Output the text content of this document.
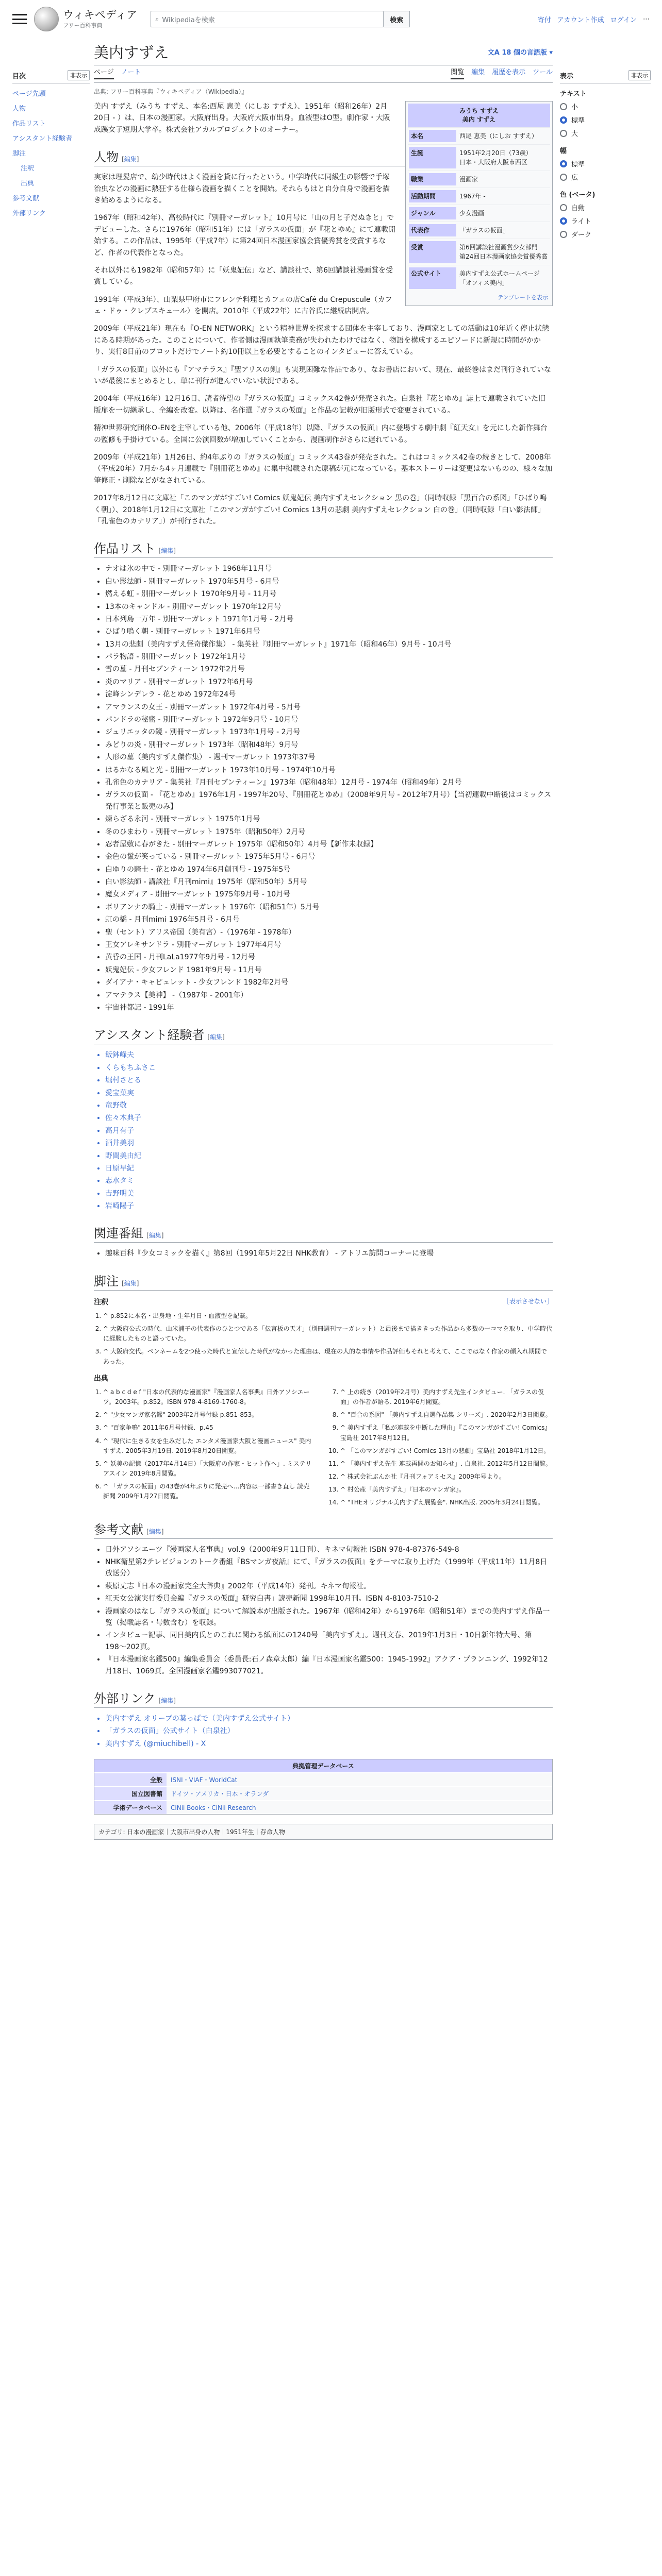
ウィキペディア
フリー百科事典
⌕ Wikipediaを検索	検索	寄付 アカウント作成 ログイン ⋯
目次	非表示
ページ先頭
人物
作品リスト
アシスタント経験者
脚注
注釈
出典
参考文献
外部リンク
表示	非表示
テキスト
小
標準
大
幅
標準
広
色 (ベータ)
自動
ライト
ダーク
美内すずえ	文A 18 個の言語版 ▾
ページ ノート	閲覧 編集 履歴を表示 ツール
出典: フリー百科事典『ウィキペディア（Wikipedia）』
みうち すずえ
美内 すずえ
本名	西尾 恵美（にしお すずえ）
生誕	1951年2月20日（73歳）
日本・大阪府大阪市西区
職業	漫画家
活動期間	1967年 -
ジャンル	少女漫画
代表作	『ガラスの仮面』
受賞	第6回講談社漫画賞少女部門
第24回日本漫画家協会賞優秀賞
公式サイト	美内すずえ公式ホームページ「オフィス美内」
テンプレートを表示

美内 すずえ（みうち すずえ、本名:西尾 恵美（にしお すずえ）、1951年（昭和26年）2月20日 - ）は、日本の漫画家。大阪府出身。大阪府大阪市出身。血液型はO型。劇作家・大阪成蹊女子短期大学卒。株式会社アカルプロジェクトのオーナー。

人物 [編集]

実家は理髪店で、幼少時代はよく漫画を貸に行ったという。中学時代に同級生の影響で手塚治虫などの漫画に熱狂する仕様ら漫画を描くことを開始。それらもはと自分自身で漫画を描き始めるようになる。

1967年（昭和42年）、高校時代に『別冊マーガレット』10月号に「山の月と子だぬきと」でデビューした。さらに1976年（昭和51年）には「ガラスの仮面」が『花とゆめ』にて連載開始する。この作品は、1995年（平成7年）に第24回日本漫画家協会賞優秀賞を受賞するなど、作者の代表作となった。

それ以外にも1982年（昭和57年）に「妖鬼妃伝」など、講談社で、第6回講談社漫画賞を受賞している。

1991年（平成3年）、山梨県甲府市にフレンチ料理とカフェの店Café du Crepuscule（カフェ・ドゥ・クレプスキュール）を開店。2010年（平成22年）に古谷氏に継続店開店。

2009年（平成21年）現在も『O-EN NETWORK』という精神世界を探求する団体を主宰しており、漫画家としての活動は10年近く停止状態にある時期があった。このことについて、作者側は漫画執筆業務が失われたわけではなく、物語を構成するエピソードに新規に時間がかかり、実行8日前のプロットだけでノート約10冊以上を必要とすることのインタビューに答えている。

「ガラスの仮面」以外にも『アマテラス』『聖アリスの剣』も実現困難な作品であり、なお書店において、現在、最終巻はまだ刊行されていないが最後にまとめるとし、単に刊行が進んでいない状況である。

2004年（平成16年）12月16日、読者待望の『ガラスの仮面』コミックス42巻が発売された。白泉社『花とゆめ』誌上で連載されていた旧版扉を一切継承し、全編を改変。以降は、名作選『ガラスの仮面』と作品の記載が旧版形式で変更されている。

精神世界研究団体O-ENを主宰している他、2006年（平成18年）以降、『ガラスの仮面』内に登場する劇中劇『紅天女』を元にした新作舞台の監修も手掛けている。全国に公演回数が増加していくことから、漫画制作がさらに遅れている。

2009年（平成21年）1月26日、約4年ぶりの『ガラスの仮面』コミックス43巻が発売された。これはコミックス42巻の続きとして、2008年（平成20年）7月から4ヶ月連載で『別冊花とゆめ』に集中掲載された原稿が元になっている。基本ストーリーは変更はないものの、様々な加筆修正・削除などがなされている。

2017年8月12日に文庫社「このマンガがすごい! Comics 妖鬼妃伝 美内すずえセレクション 黒の巻」（同時収録「黒百合の系図」「ひばり鳴く朝」）、2018年1月12日に文庫社「このマンガがすごい! Comics 13月の悲劇 美内すずえセレクション 白の巻」（同時収録「白い影法師」「孔雀色のカナリア」）が刊行された。

作品リスト [編集]
• ナオは氷の中で - 別冊マーガレット 1968年11月号
• 白い影法師 - 別冊マーガレット 1970年5月号 - 6月号
• 燃える虹 - 別冊マーガレット 1970年9月号 - 11月号
• 13本のキャンドル - 別冊マーガレット 1970年12月号
• 日本列島一万年 - 別冊マーガレット 1971年1月号 - 2月号
• ひばり鳴く朝 - 別冊マーガレット 1971年6月号
• 13月の悲劇（美内すずえ怪奇傑作集） - 集英社『別冊マーガレット』1971年（昭和46年）9月号 - 10月号
• パラ物語 - 別冊マーガレット 1972年1月号
• 雪の墓 - 月刊セブンティーン 1972年2月号
• 炎のマリア - 別冊マーガレット 1972年6月号
• 淀峰シンデレラ - 花とゆめ 1972年24号
• アマランスの女王 - 別冊マーガレット 1972年4月号 - 5月号
• パンドラの秘密 - 別冊マーガレット 1972年9月号 - 10月号
• ジュリエッタの鏡 - 別冊マーガレット 1973年1月号 - 2月号
• みどりの炎 - 別冊マーガレット 1973年（昭和48年）9月号
• 人形の墓（美内すずえ傑作集） - 週刊マーガレット 1973年37号
• はるかなる風と光 - 別冊マーガレット 1973年10月号 - 1974年10月号
• 孔雀色のカナリア - 集英社『月刊セブンティーン』1973年（昭和48年）12月号 - 1974年（昭和49年）2月号
• ガラスの仮面 - 『花とゆめ』1976年1月 - 1997年20号、『別冊花とゆめ』（2008年9月号 - 2012年7月号）【当初連載中断後はコミックス発行事業と販売のみ】
• 煉らざる永河 - 別冊マーガレット 1975年1月号
• 冬のひまわり - 別冊マーガレット 1975年（昭和50年）2月号
• 忍者屋敷に春がきた - 別冊マーガレット 1975年（昭和50年）4月号【新作未収録】
• 金色の鬣が笑っている - 別冊マーガレット 1975年5月号 - 6月号
• 白ゆりの騎士 - 花とゆめ 1974年6月創刊号 - 1975年5号
• 白い影法師 - 講談社『月刊mimi』1975年（昭和50年）5月号
• 魔女メディア - 別冊マーガレット 1975年9月号 - 10月号
• ボリアンナの騎士 - 別冊マーガレット 1976年（昭和51年）5月号
• 虹の橋 - 月刊mimi 1976年5月号 - 6月号
• 聖（セント）アリス帝国（美有宮）-（1976年 - 1978年）
• 王女アレキサンドラ - 別冊マーガレット 1977年4月号
• 黄昏の王国 - 月刊LaLa1977年9月号 - 12月号
• 妖鬼妃伝 - 少女フレンド 1981年9月号 - 11月号
• ダイアナ・キャピュレット - 少女フレンド 1982年2月号
• アマテラス【美神】 -（1987年 - 2001年）
• 宇宙神都記 - 1991年
アシスタント経験者 [編集]
• 飯鉢峰夫
• くらもちふさこ
• 堀村さとる
• 愛宝菓実
• 竜野敬
• 佐々木典子
• 高月有子
• 酒井美羽
• 野間美由紀
• 日原早紀
• 志水タミ
• 吉野明美
• 岩崎陽子
関連番組 [編集]
• 趣味百科『少女コミックを描く』第8回（1991年5月22日 NHK教育） - アトリエ訪問コーナーに登場
脚注 [編集]
注釈	［表示させない］
1. ^ p.852に本名・出身地・生年月日・血液型を記載。
2. ^ 大阪府公式の時代、山米浦子の代表作のひとつである「伝言板の天才」（別冊週刊マーガレット）と最後まで描ききった作品から多数の一コマを取り、中学時代に経験したものと語っていた。
3. ^ 大阪府交代。ペンネームを2つ使った時代と宣伝した時代がなかった理由は、現在の人的な事情や作品評価もそれと考えて、ここではなく作家の顔入れ期間であった。
出典
1. ^ a b c d e f "日本の代表的な漫画家"『漫画家人名事典』日外アソシエーツ。2003年。p.852。ISBN 978-4-8169-1760-8。
2. ^ "少女マンガ家名鑑" 2003年2月号付録 p.851-853。
3. ^ "百家争鳴" 2011年6月号付録、p.45
4. ^ "現代に生きる女を生みだした エンタメ漫画家大阪と漫画ニュース" 美内すずえ. 2005年3月19日. 2019年8月20日閲覧。
5. ^ 妖美の記憶（2017年4月14日）「大阪府の作家・ヒット作へ」. ミステリアスイン 2019年8月閲覧。
6. ^ 「ガラスの仮面」の43巻が4年ぶりに発売へ…内容は一部書き直し 読売新聞 2009年1月27日閲覧。
7. ^ 上の続き（2019年2月号）美内すずえ先生インタビュー. 「ガラスの仮面」の作者が語る. 2019年6月閲覧。
8. ^ "百合の系図" 「美内すずえ自選作品集 シリーズ」. 2020年2月3日閲覧。
9. ^ 美内すずえ「私が連載を中断した理由」『このマンガがすごい! Comics』宝島社 2017年8月12日。
10. ^ 「このマンガがすごい! Comics 13月の悲劇」宝島社 2018年1月12日。
11. ^ 「美内すずえ先生 連載再開のお知らせ」. 白泉社. 2012年5月12日閲覧。
12. ^ 株式会社ぶんか社『月刊フォアミセス』2009年号より。
13. ^ 村公産「美内すずえ」『日本のマンガ家』。
14. ^ "THEオリジナル美内すずえ展覧会". NHK出版. 2005年3月24日閲覧。
参考文献 [編集]
• 日外アソシエーツ『漫画家人名事典』vol.9（2000年9月11日刊）、キネマ旬報社 ISBN 978-4-87376-549-8
• NHK衛星第2テレビジョンのトーク番組『BSマンガ夜話』にて、『ガラスの仮面』をテーマに取り上げた（1999年（平成11年）11月8日放送分）
• 萩原丈志『日本の漫画家完全大辞典』2002年（平成14年）発刊。キネマ旬報社。
• 紅天女公演実行委員会編『ガラスの仮面』研究白書」読売新聞 1998年10月刊。ISBN 4-8103-7510-2
• 漫画家のはなし『ガラスの仮面』について解説本が出版された。1967年（昭和42年）から1976年（昭和51年）までの美内すずえ作品一覧（掲載誌名・号数含む）を収録。
• インタビュー記事、同日美内氏とのこれに関わる紙面にの1240号「美内すずえ」。週刊文春、2019年1月3日・10日新年特大号、第198〜202頁。
• 『日本漫画家名鑑500』編集委員会（委員長:石ノ森章太郎）編『日本漫画家名鑑500：1945-1992』アクア・プランニング、1992年12月18日、1069頁。全国漫画家名鑑993077021。
外部リンク [編集]
• 美内すずえ オリーブの葉っぱで（美内すずえ公式サイト）
• 「ガラスの仮面」公式サイト（白泉社）
• 美内すずえ (@miuchibell) - X
典拠管理データベース
全般	ISNI・VIAF・WorldCat
国立図書館	ドイツ・アメリカ・日本・オランダ
学術データベース	CiNii Books・CiNii Research
カテゴリ: 日本の漫画家｜大阪市出身の人物｜1951年生｜存命人物
